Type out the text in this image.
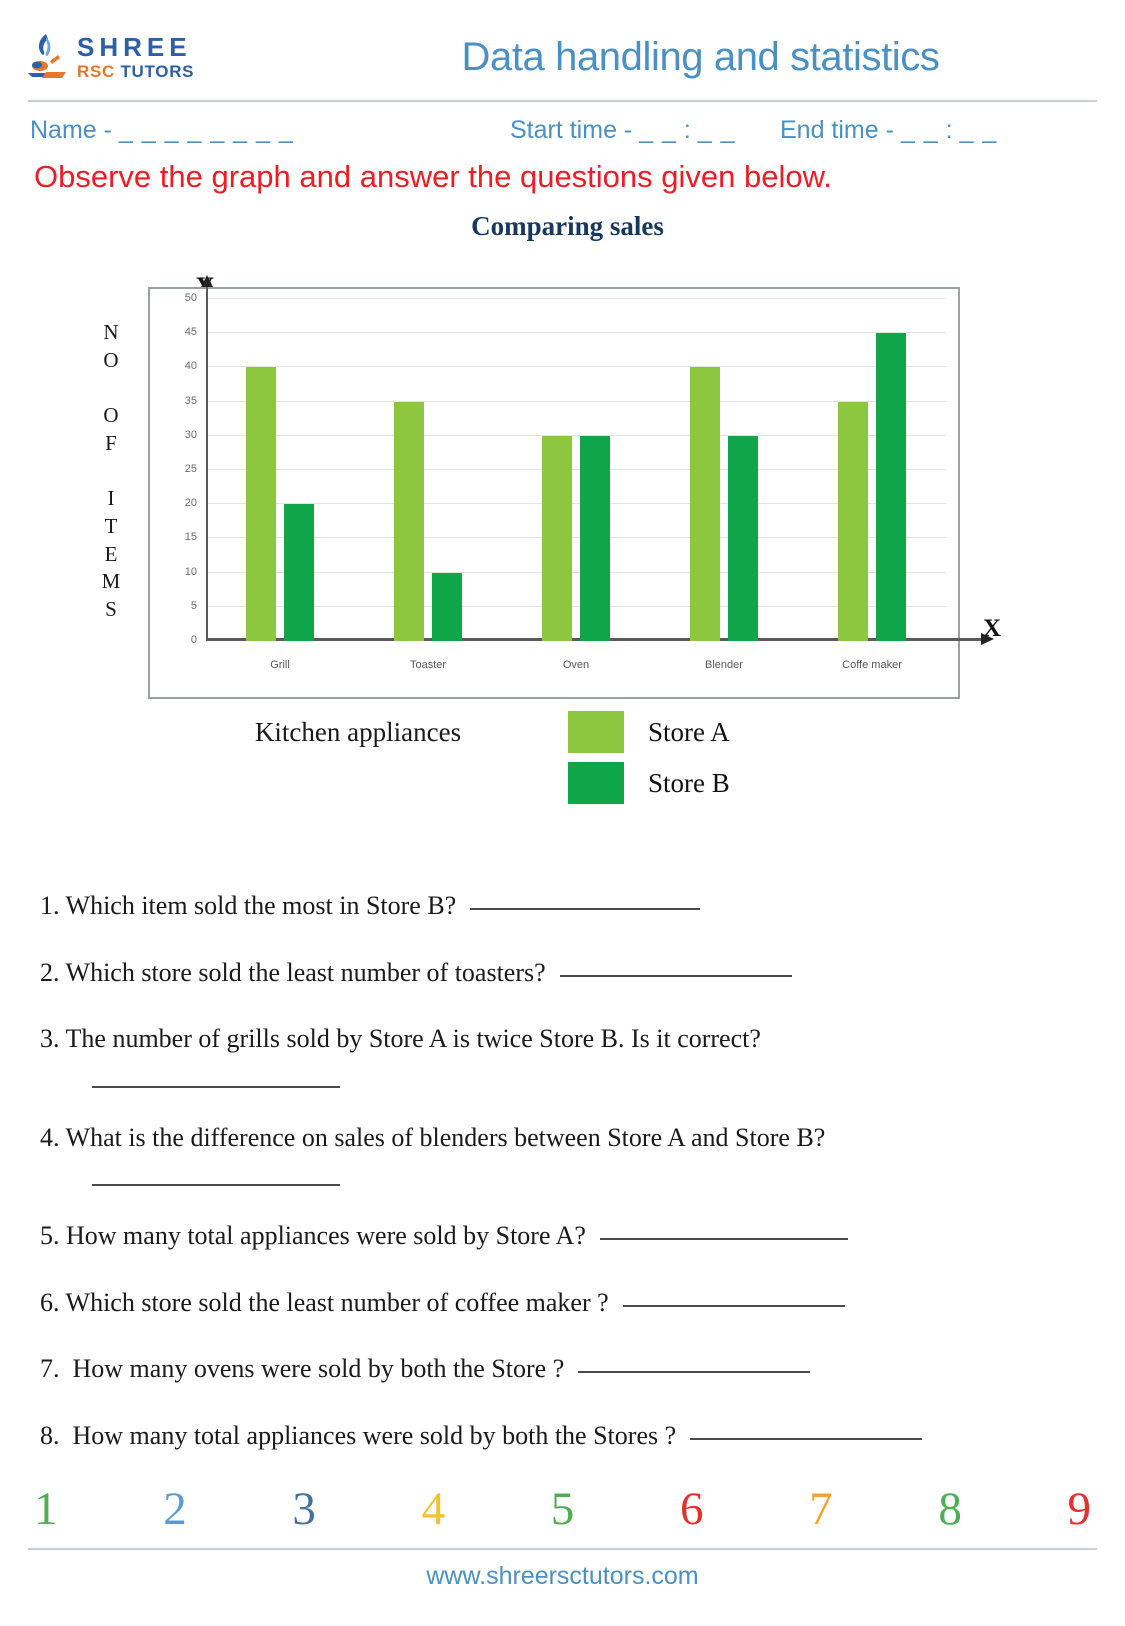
SHREE
RSC TUTORS	Data handling and statistics
Name - _ _ _ _ _ _ _ _	Start time - _ _ : _ _	End time - _ _ : _ _
Observe the graph and answer the questions given below.
Comparing sales
N
O

O
F

I
T
E
M
S
X
0
5
10
15
20
25
30
35
40
45
50
Grill	Toaster	Oven	Blender	Coffe maker
Kitchen appliances	Store A
Store B
1. Which item sold the most in Store B?
2. Which store sold the least number of toasters?
3. The number of grills sold by Store A is twice Store B. Is it correct?
4. What is the difference on sales of blenders between Store A and Store B?
5. How many total appliances were sold by Store A?
6. Which store sold the least number of coffee maker ?
7.  How many ovens were sold by both the Store ?
8.  How many total appliances were sold by both the Stores ?
1 2 3 4 5 6 7 8 9
www.shreersctutors.com
